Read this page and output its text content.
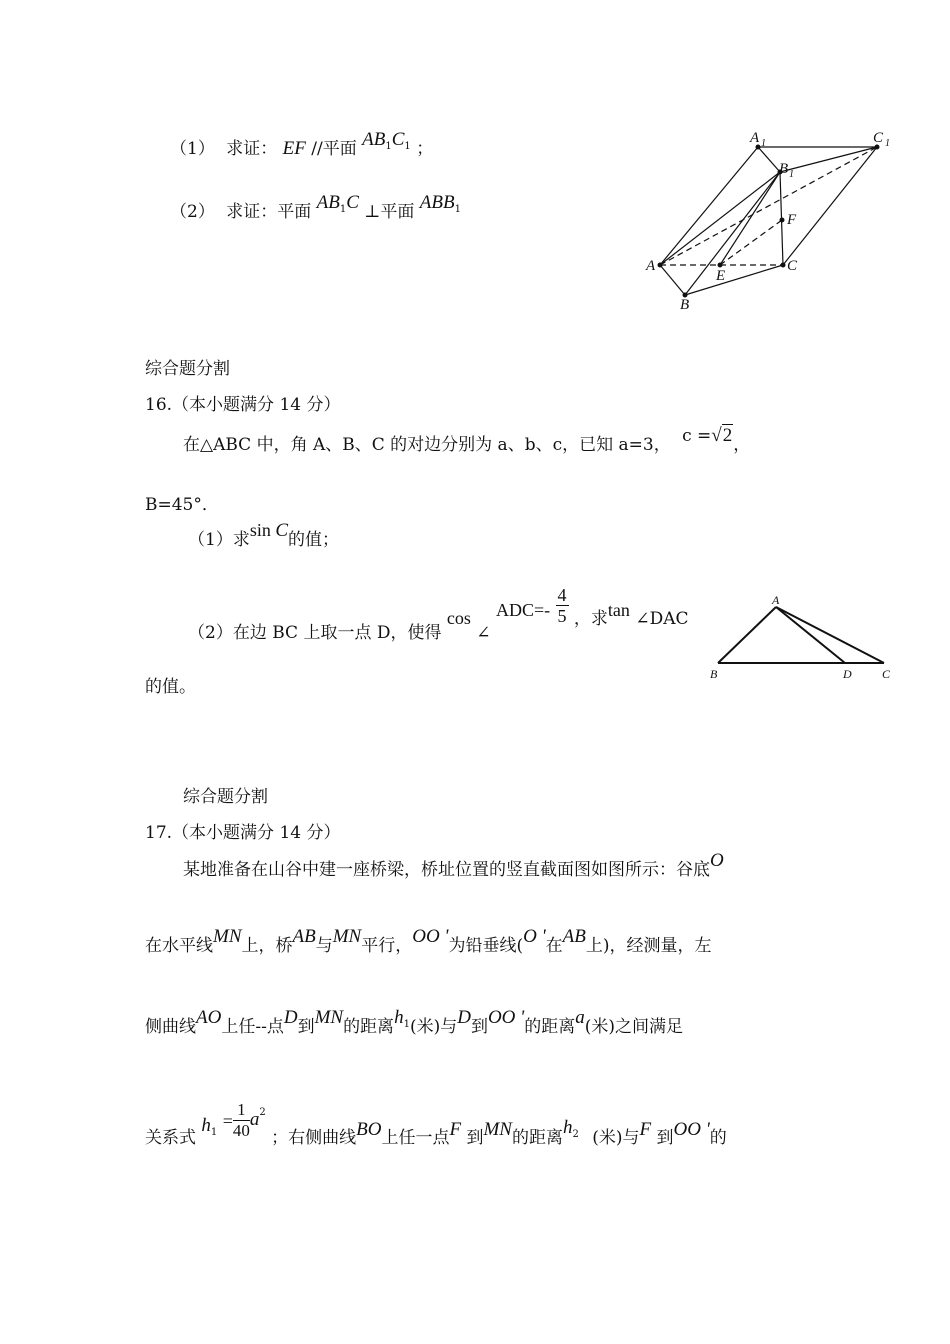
（1） 求证： EF //平面 $AB_1C_1$ ；
（2） 求证：平面 $AB_1C$ ⊥平面 $ABB_1$
A 1	C 1
B 1
F
A
E
C
B
综合题分割
16.（本小题满分 14 分）
在△ABC 中，角 A、B、C 的对边分别为 a、b、c，已知 a=3， c =√2，
B=45°．
（1）求sin C的值；
（2）在边 BC 上取一点 D，使得 cos ∠ $ADC=- \frac{4}{5}$ ，求tan ∠DAC
的值。
A
B	D	C
综合题分割
17.（本小题满分 14 分）
某地准备在山谷中建一座桥梁，桥址位置的竖直截面图如图所示：谷底O
在水平线MN上，桥AB与MN平行，OO '为铅垂线(O '在AB上)，经测量，左
侧曲线AO上任--点D到MN的距离$h_1$(米)与D到OO '的距离a(米)之间满足
关系式 $h_1 = \frac{1}{40} a^2$ ；右侧曲线BO上任一点F 到MN的距离$h_2$ (米)与F 到OO '的
